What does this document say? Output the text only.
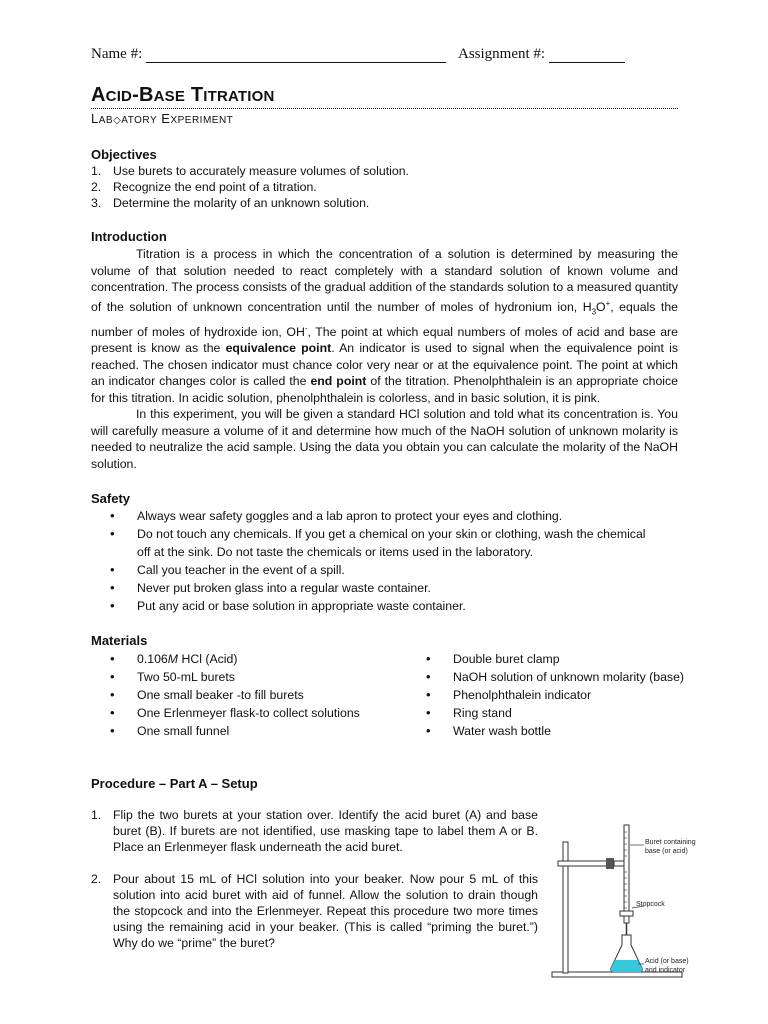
Name #:	Assignment #:
ACID-BASE TITRATION
LAB◇ATORY EXPERIMENT
Objectives
1. Use burets to accurately measure volumes of solution.
2. Recognize the end point of a titration.
3. Determine the molarity of an unknown solution.
Introduction
Titration is a process in which the concentration of a solution is determined by measuring the volume of that solution needed to react completely with a standard solution of known volume and concentration. The process consists of the gradual addition of the standards solution to a measured quantity of the solution of unknown concentration until the number of moles of hydronium ion, $H_3O^+$, equals the number of moles of hydroxide ion, OH-, The point at which equal numbers of moles of acid and base are present is know as the equivalence point. An indicator is used to signal when the equivalence point is reached. The chosen indicator must chance color very near or at the equivalence point. The point at which an indicator changes color is called the end point of the titration. Phenolphthalein is an appropriate choice for this titration. In acidic solution, phenolphthalein is colorless, and in basic solution, it is pink.
In this experiment, you will be given a standard HCl solution and told what its concentration is. You will carefully measure a volume of it and determine how much of the NaOH solution of unknown molarity is needed to neutralize the acid sample. Using the data you obtain you can calculate the molarity of the NaOH solution.
Safety
• Always wear safety goggles and a lab apron to protect your eyes and clothing.
• Do not touch any chemicals. If you get a chemical on your skin or clothing, wash the chemical off at the sink. Do not taste the chemicals or items used in the laboratory.
• Call you teacher in the event of a spill.
• Never put broken glass into a regular waste container.
• Put any acid or base solution in appropriate waste container.
Materials
• 0.106M HCl (Acid)
• Two 50-mL burets
• One small beaker -to fill burets
• One Erlenmeyer flask-to collect solutions
• One small funnel
• Double buret clamp
• NaOH solution of unknown molarity (base)
• Phenolphthalein indicator
• Ring stand
• Water wash bottle
Procedure – Part A – Setup
1. Flip the two burets at your station over. Identify the acid buret (A) and base buret (B). If burets are not identified, use masking tape to label them A or B. Place an Erlenmeyer flask underneath the acid buret.
2. Pour about 15 mL of HCl solution into your beaker. Now pour 5 mL of this solution into acid buret with aid of funnel. Allow the solution to drain though the stopcock and into the Erlenmeyer. Repeat this procedure two more times using the remaining acid in your beaker. (This is called “priming the buret.”) Why do we “prime” the buret?
Buret containing
base (or acid)
Stopcock
Acid (or base)
and indicator
